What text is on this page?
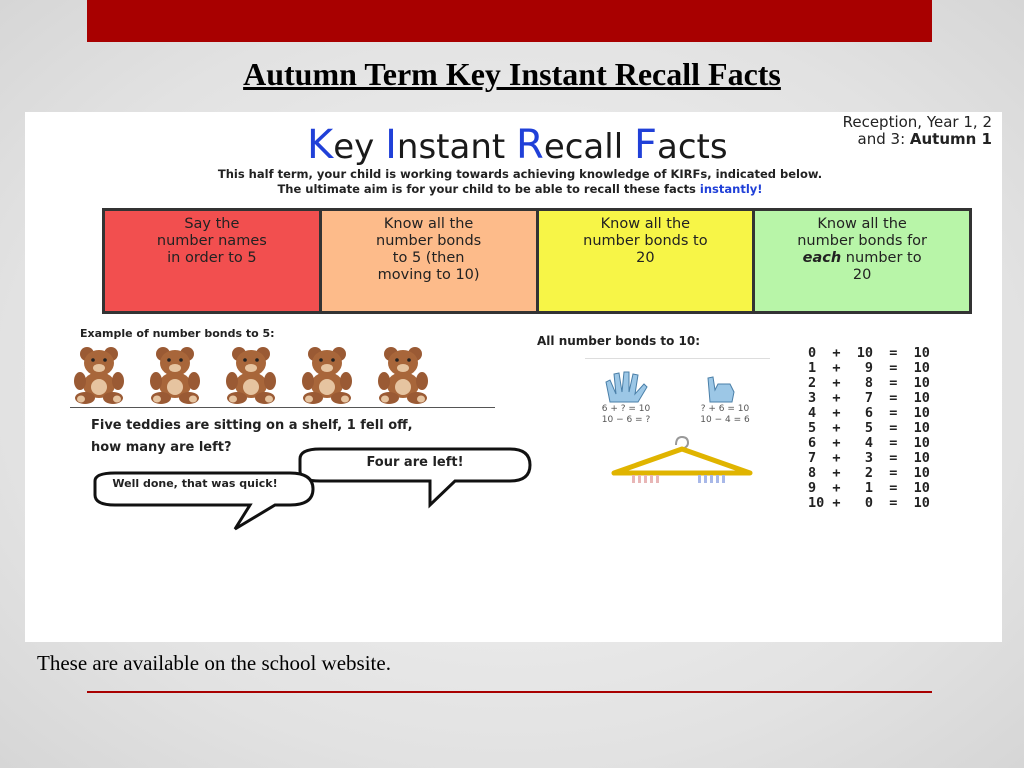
Autumn Term Key Instant Recall Facts
Key Instant Recall Facts
Reception, Year 1, 2
and 3: Autumn 1
This half term, your child is working towards achieving knowledge of KIRFs, indicated below.
The ultimate aim is for your child to be able to recall these facts instantly!
Say the
number names
in order to 5
Know all the
number bonds
to 5 (then
moving to 10)
Know all the
number bonds to
20
Know all the
number bonds for
each number to
20
Example of number bonds to 5:
Five teddies are sitting on a shelf, 1 fell off,
how many are left?
Four are left!
Well done, that was quick!
All number bonds to 10:
6 + ? = 10
10 − 6 = ?
? + 6 = 10
10 − 4 = 6
0  +  10  =  10
1  +   9  =  10
2  +   8  =  10
3  +   7  =  10
4  +   6  =  10
5  +   5  =  10
6  +   4  =  10
7  +   3  =  10
8  +   2  =  10
9  +   1  =  10
10 +   0  =  10
These are available on the school website.
